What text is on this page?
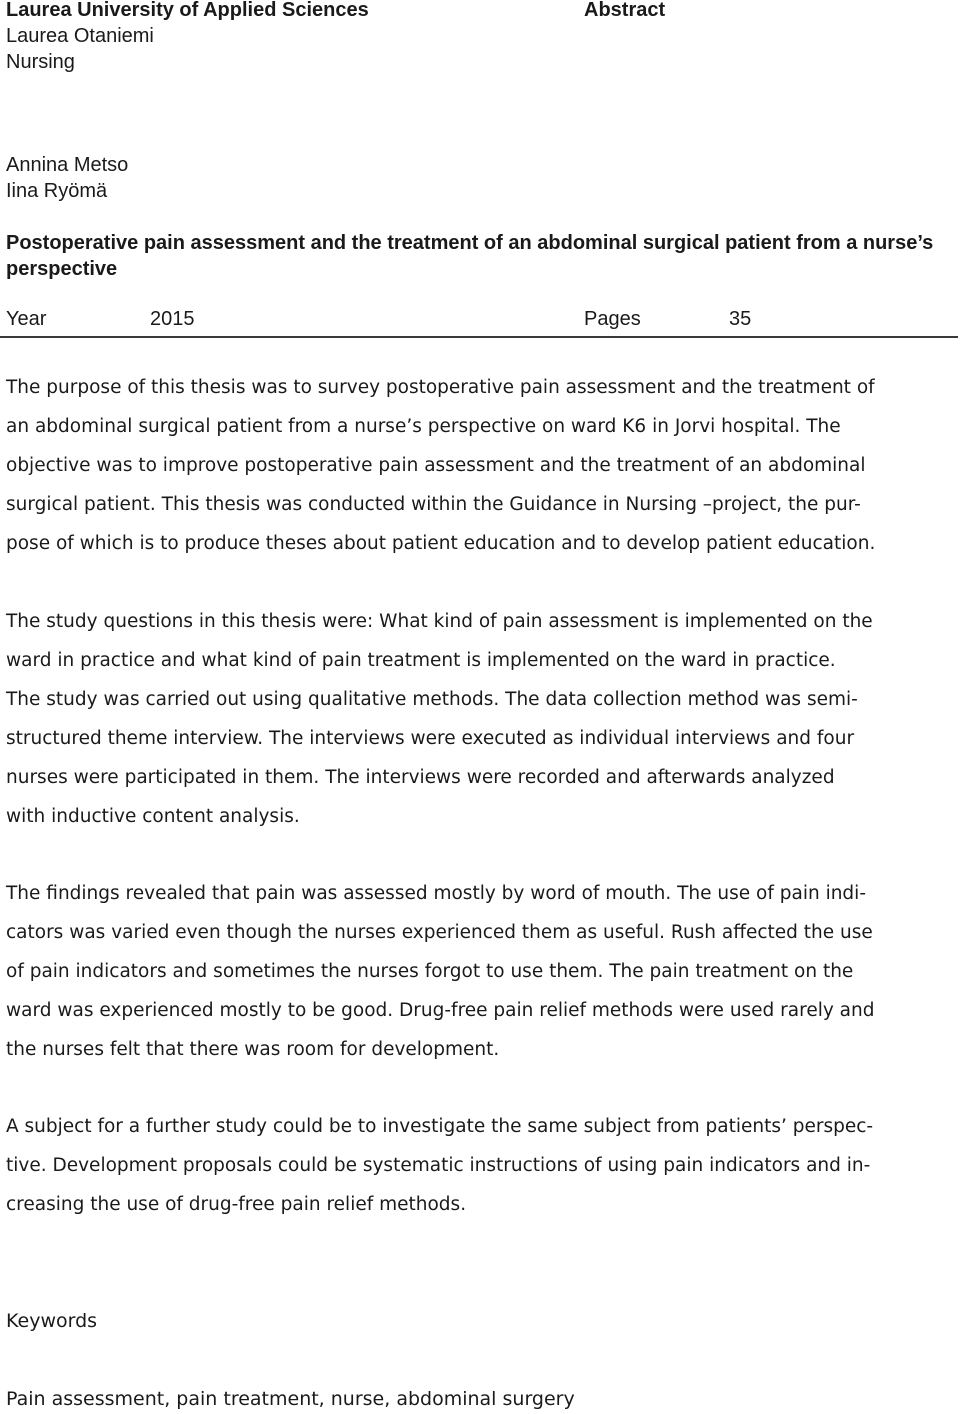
Laurea University of Applied Sciences
Laurea Otaniemi
Nursing
Abstract
Annina Metso
Iina Ryömä
Postoperative pain assessment and the treatment of an abdominal surgical patient from a nurse’s perspective
Year	2015	Pages	35
The purpose of this thesis was to survey postoperative pain assessment and the treatment of
an abdominal surgical patient from a nurse’s perspective on ward K6 in Jorvi hospital. The
objective was to improve postoperative pain assessment and the treatment of an abdominal
surgical patient. This thesis was conducted within the Guidance in Nursing –project, the pur-
pose of which is to produce theses about patient education and to develop patient education.
The study questions in this thesis were: What kind of pain assessment is implemented on the
ward in practice and what kind of pain treatment is implemented on the ward in practice.
The study was carried out using qualitative methods. The data collection method was semi-
structured theme interview. The interviews were executed as individual interviews and four
nurses were participated in them. The interviews were recorded and afterwards analyzed
with inductive content analysis.
The findings revealed that pain was assessed mostly by word of mouth. The use of pain indi-
cators was varied even though the nurses experienced them as useful. Rush affected the use
of pain indicators and sometimes the nurses forgot to use them. The pain treatment on the
ward was experienced mostly to be good. Drug-free pain relief methods were used rarely and
the nurses felt that there was room for development.
A subject for a further study could be to investigate the same subject from patients’ perspec-
tive. Development proposals could be systematic instructions of using pain indicators and in-
creasing the use of drug-free pain relief methods.
Keywords
Pain assessment, pain treatment, nurse, abdominal surgery
